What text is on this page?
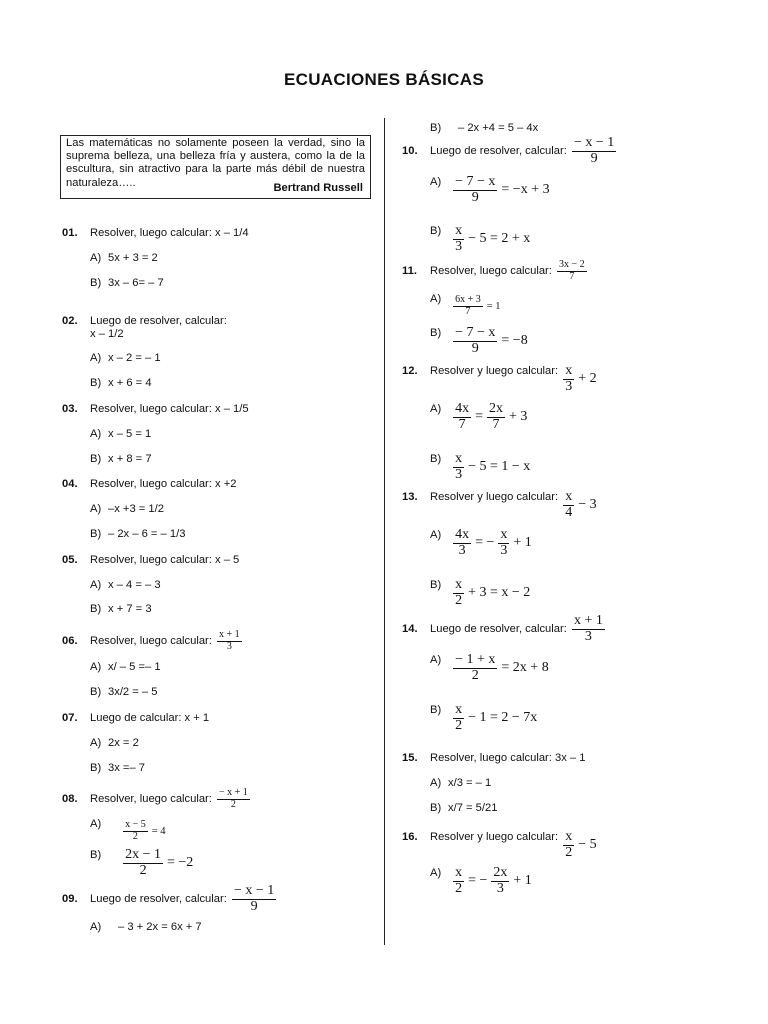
ECUACIONES BÁSICAS
Las matemáticas no solamente poseen la verdad, sino la suprema belleza, una belleza fría y austera, como la de la escultura, sin atractivo para la parte más débil de nuestra naturaleza…..	Bertrand Russell
01. Resolver, luego calcular: x – 1/4
A) 5x + 3 = 2
B) 3x – 6= – 7
02. Luego de resolver, calcular:
x – 1/2
A) x – 2 = – 1
B) x + 6 = 4
03. Resolver, luego calcular: x – 1/5
A) x – 5 = 1
B) x + 8 = 7
04. Resolver, luego calcular: x +2
A) –x +3 = 1/2
B) – 2x – 6 = – 1/3
05. Resolver, luego calcular: x – 5
A) x – 4 = – 3
B) x + 7 = 3
06. Resolver, luego calcular: $\frac{x + 1}{3}$
A) x/ – 5 =– 1
B) 3x/2 = – 5
07. Luego de calcular: x + 1
A) 2x = 2
B) 3x =– 7
08. Resolver, luego calcular: $\frac{- x + 1}{2}$
$A) \frac{x - 5}{2} = 4$
$B) \frac{2x - 1}{2} = -2$
09. Luego de resolver, calcular: $\frac{- x - 1}{9}$
A) – 3 + 2x = 6x + 7
B) – 2x +4 = 5 – 4x
10. Luego de resolver, calcular: $\frac{- x - 1}{9}$
$A) \frac{- 7 - x}{9} = -x + 3$
$B) \frac{x}{3} - 5 = 2 + x$
11. Resolver, luego calcular: $\frac{3x - 2}{7}$
$A) \frac{6x + 3}{7} = 1$
$B) \frac{- 7 - x}{9} = -8$
12. Resolver y luego calcular: $\frac{x}{3} + 2$
$A) \frac{4x}{7} = \frac{2x}{7} + 3$
$B) \frac{x}{3} - 5 = 1 - x$
13. Resolver y luego calcular: $\frac{x}{4} - 3$
$A) \frac{4x}{3}$ = − $\frac{x}{3} + 1$
$B) \frac{x}{2} + 3 = x - 2$
14. Luego de resolver, calcular: $\frac{x + 1}{3}$
$A) \frac{- 1 + x}{2} = 2x + 8$
$B) \frac{x}{2} - 1 = 2 - 7x$
15. Resolver, luego calcular: 3x – 1
A) x/3 = – 1
B) x/7 = 5/21
16. Resolver y luego calcular: $\frac{x}{2} - 5$
$A) \frac{x}{2}$ = − $\frac{2x}{3} + 1$
